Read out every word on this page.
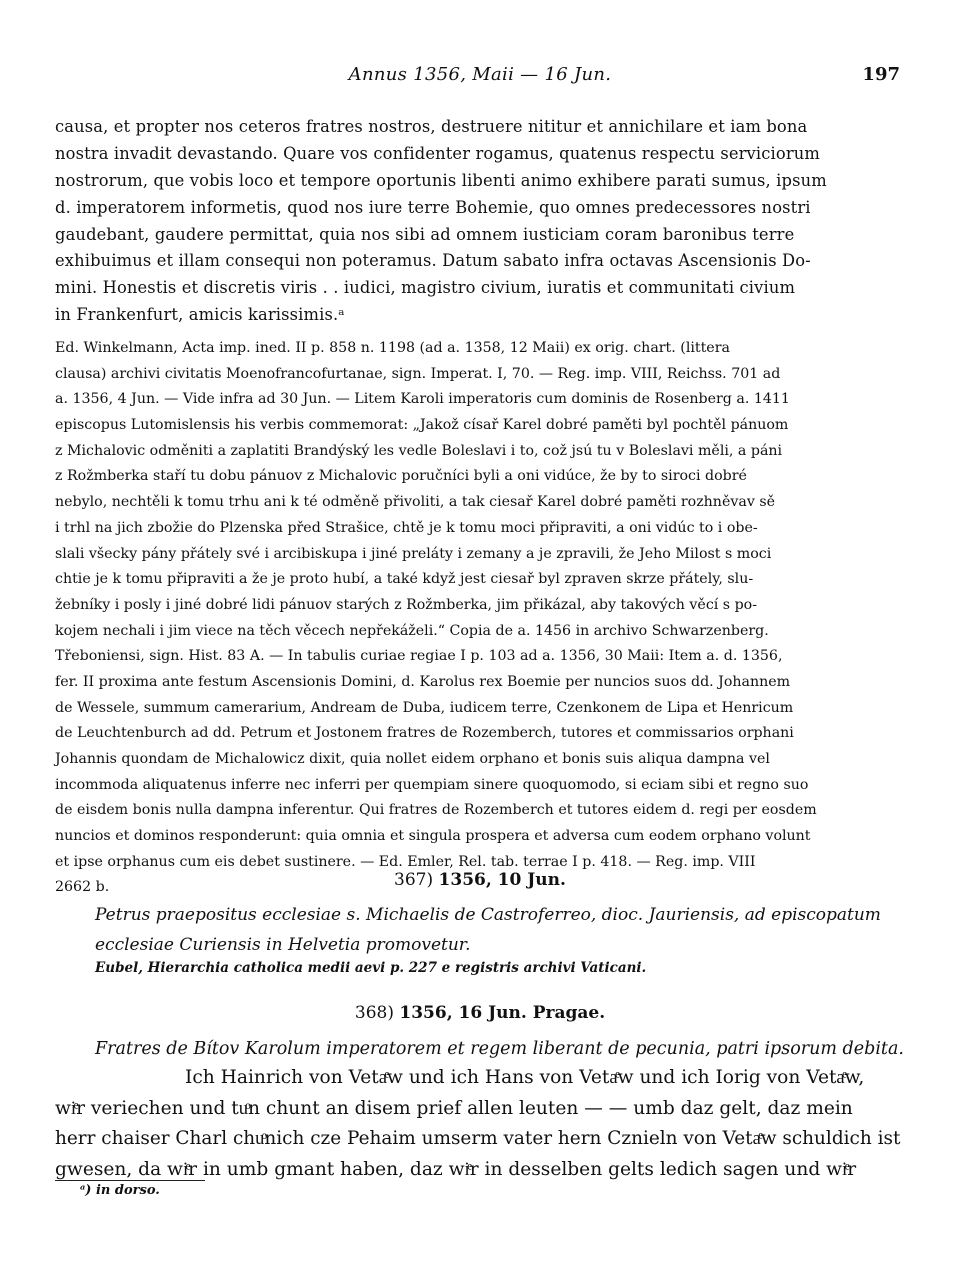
Annus 1356, Maii — 16 Jun.	197
causa, et propter nos ceteros fratres nostros, destruere nititur et annichilare et iam bona
nostra invadit devastando. Quare vos confidenter rogamus, quatenus respectu serviciorum
nostrorum, que vobis loco et tempore oportunis libenti animo exhibere parati sumus, ipsum
d. imperatorem informetis, quod nos iure terre Bohemie, quo omnes predecessores nostri
gaudebant, gaudere permittat, quia nos sibi ad omnem iusticiam coram baronibus terre
exhibuimus et illam consequi non poteramus. Datum sabato infra octavas Ascensionis Do-
mini. Honestis et discretis viris . . iudici, magistro civium, iuratis et communitati civium
in Frankenfurt, amicis karissimis.ᵃ
Ed. Winkelmann, Acta imp. ined. II p. 858 n. 1198 (ad a. 1358, 12 Maii) ex orig. chart. (littera
clausa) archivi civitatis Moenofrancofurtanae, sign. Imperat. I, 70. — Reg. imp. VIII, Reichss. 701 ad
a. 1356, 4 Jun. — Vide infra ad 30 Jun. — Litem Karoli imperatoris cum dominis de Rosenberg a. 1411
episcopus Lutomislensis his verbis commemorat: „Jakož císař Karel dobré paměti byl pochtěl pánuom
z Michalovic odměniti a zaplatiti Brandýský les vedle Boleslavi i to, což jsú tu v Boleslavi měli, a páni
z Rožmberka staří tu dobu pánuov z Michalovic poručníci byli a oni vidúce, že by to siroci dobré
nebylo, nechtěli k tomu trhu ani k té odměně přivoliti, a tak ciesař Karel dobré paměti rozhněvav sě
i trhl na jich zbožie do Plzenska před Strašice, chtě je k tomu moci připraviti, a oni vidúc to i obe-
slali všecky pány přátely své i arcibiskupa i jiné preláty i zemany a je zpravili, že Jeho Milost s moci
chtie je k tomu připraviti a že je proto hubí, a také když jest ciesař byl zpraven skrze přátely, slu-
žebníky i posly i jiné dobré lidi pánuov starých z Rožmberka, jim přikázal, aby takových věcí s po-
kojem nechali i jim viece na těch věcech nepřekáželi.“ Copia de a. 1456 in archivo Schwarzenberg.
Třeboniensi, sign. Hist. 83 A. — In tabulis curiae regiae I p. 103 ad a. 1356, 30 Maii: Item a. d. 1356,
fer. II proxima ante festum Ascensionis Domini, d. Karolus rex Boemie per nuncios suos dd. Johannem
de Wessele, summum camerarium, Andream de Duba, iudicem terre, Czenkonem de Lipa et Henricum
de Leuchtenburch ad dd. Petrum et Jostonem fratres de Rozemberch, tutores et commissarios orphani
Johannis quondam de Michalowicz dixit, quia nollet eidem orphano et bonis suis aliqua dampna vel
incommoda aliquatenus inferre nec inferri per quempiam sinere quoquomodo, si eciam sibi et regno suo
de eisdem bonis nulla dampna inferentur. Qui fratres de Rozemberch et tutores eidem d. regi per eosdem
nuncios et dominos responderunt: quia omnia et singula prospera et adversa cum eodem orphano volunt
et ipse orphanus cum eis debet sustinere. — Ed. Emler, Rel. tab. terrae I p. 418. — Reg. imp. VIII
2662 b.	367) 1356, 10 Jun.
Petrus praepositus ecclesiae s. Michaelis de Castroferreo, dioc. Jauriensis, ad episcopatum
ecclesiae Curiensis in Helvetia promovetur.
Eubel, Hierarchia catholica medii aevi p. 227 e registris archivi Vaticani.
368) 1356, 16 Jun. Pragae.
Fratres de Bítov Karolum imperatorem et regem liberant de pecunia, patri ipsorum debita.
Ich Hainrich von Vetaͤw und ich Hans von Vetaͤw und ich Iorig von Vetaͤw,
wiͤr veriechen und tuͦn chunt an disem prief allen leuten — — umb daz gelt, daz mein
herr chaiser Charl chuͦnich cze Pehaim umserm vater hern Cznieln von Vetaͤw schuldich ist
gwesen, da wiͤr in umb gmant haben, daz wiͤr in desselben gelts ledich sagen und wiͤr
ᵃ) in dorso.
